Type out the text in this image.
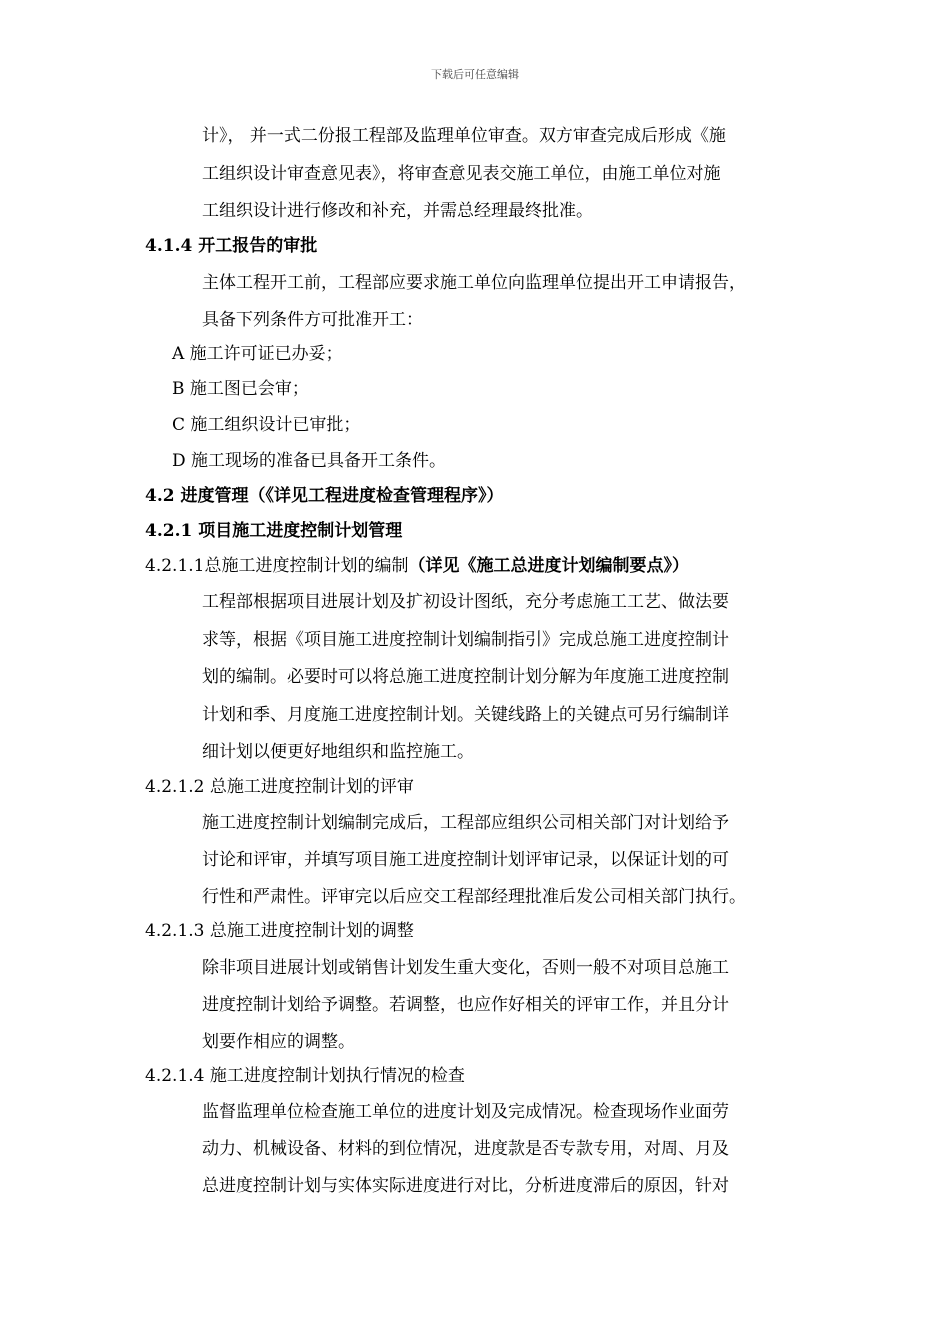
下载后可任意编辑
计》， 并一式二份报工程部及监理单位审查。双方审查完成后形成《施
工组织设计审查意见表》，将审查意见表交施工单位，由施工单位对施
工组织设计进行修改和补充，并需总经理最终批准。
4.1.4 开工报告的审批
主体工程开工前，工程部应要求施工单位向监理单位提出开工申请报告，
具备下列条件方可批准开工：
A 施工许可证已办妥；
B 施工图已会审；
C 施工组织设计已审批；
D 施工现场的准备已具备开工条件。
4.2 进度管理（《详见工程进度检查管理程序》）
4.2.1 项目施工进度控制计划管理
4.2.1.1总施工进度控制计划的编制（详见《施工总进度计划编制要点》）
工程部根据项目进展计划及扩初设计图纸，充分考虑施工工艺、做法要
求等，根据《项目施工进度控制计划编制指引》完成总施工进度控制计
划的编制。必要时可以将总施工进度控制计划分解为年度施工进度控制
计划和季、月度施工进度控制计划。关键线路上的关键点可另行编制详
细计划以便更好地组织和监控施工。
4.2.1.2 总施工进度控制计划的评审
施工进度控制计划编制完成后，工程部应组织公司相关部门对计划给予
讨论和评审，并填写项目施工进度控制计划评审记录，以保证计划的可
行性和严肃性。评审完以后应交工程部经理批准后发公司相关部门执行。
4.2.1.3 总施工进度控制计划的调整
除非项目进展计划或销售计划发生重大变化，否则一般不对项目总施工
进度控制计划给予调整。若调整，也应作好相关的评审工作，并且分计
划要作相应的调整。
4.2.1.4 施工进度控制计划执行情况的检查
监督监理单位检查施工单位的进度计划及完成情况。检查现场作业面劳
动力、机械设备、材料的到位情况，进度款是否专款专用，对周、月及
总进度控制计划与实体实际进度进行对比，分析进度滞后的原因，针对
